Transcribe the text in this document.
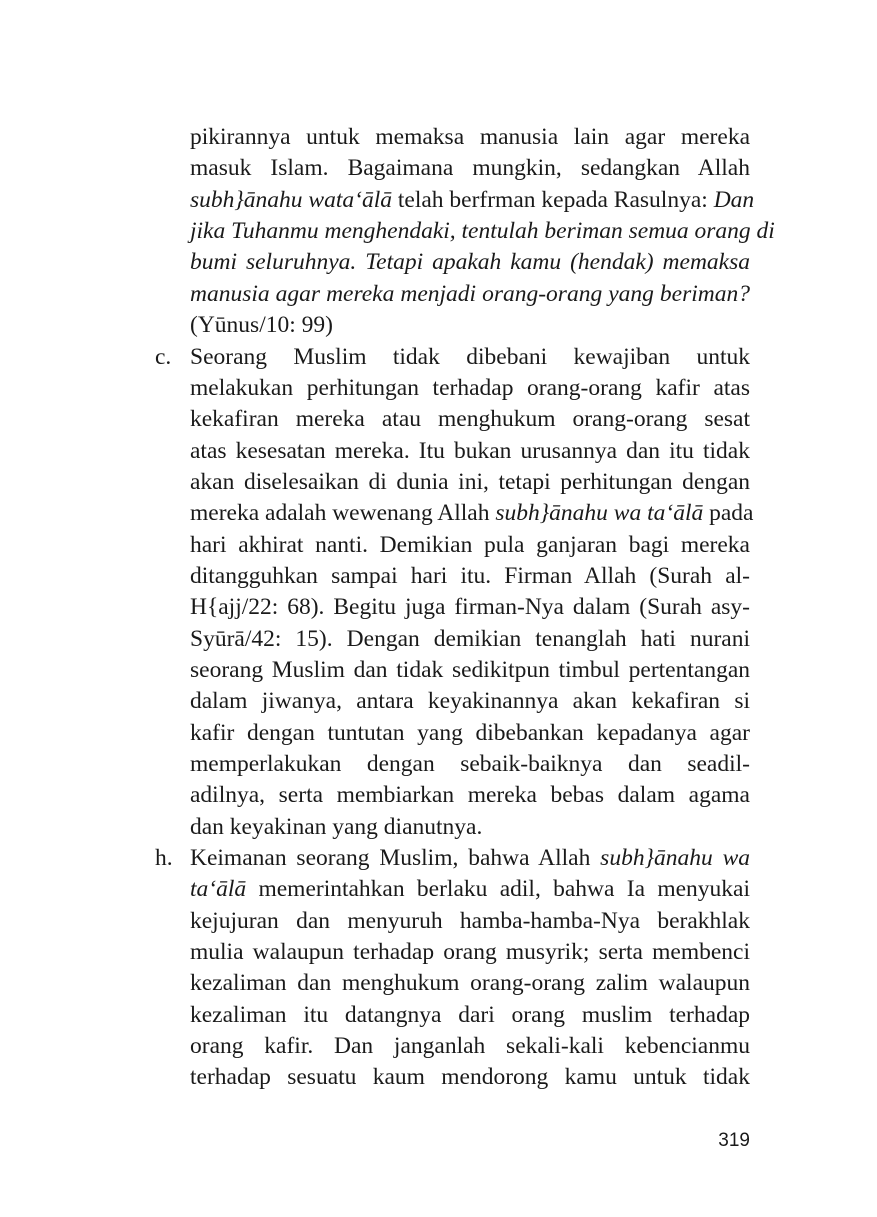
pikirannya untuk memaksa manusia lain agar mereka
masuk Islam. Bagaimana mungkin, sedangkan Allah
subh}ānahu wata‘ālā telah berfrman kepada Rasulnya: Dan
jika Tuhanmu menghendaki, tentulah beriman semua orang di
bumi seluruhnya. Tetapi apakah kamu (hendak) memaksa
manusia agar mereka menjadi orang-orang yang beriman?
(Yūnus/10: 99)
c. Seorang Muslim tidak dibebani kewajiban untuk
melakukan perhitungan terhadap orang-orang kafir atas
kekafiran mereka atau menghukum orang-orang sesat
atas kesesatan mereka. Itu bukan urusannya dan itu tidak
akan diselesaikan di dunia ini, tetapi perhitungan dengan
mereka adalah wewenang Allah subh}ānahu wa ta‘ālā pada
hari akhirat nanti. Demikian pula ganjaran bagi mereka
ditangguhkan sampai hari itu. Firman Allah (Surah al-
H{ajj/22: 68). Begitu juga firman-Nya dalam (Surah asy-
Syūrā/42: 15). Dengan demikian tenanglah hati nurani
seorang Muslim dan tidak sedikitpun timbul pertentangan
dalam jiwanya, antara keyakinannya akan kekafiran si
kafir dengan tuntutan yang dibebankan kepadanya agar
memperlakukan dengan sebaik-baiknya dan seadil-
adilnya, serta membiarkan mereka bebas dalam agama
dan keyakinan yang dianutnya.
h. Keimanan seorang Muslim, bahwa Allah subh}ānahu wa
ta‘ālā memerintahkan berlaku adil, bahwa Ia menyukai
kejujuran dan menyuruh hamba-hamba-Nya berakhlak
mulia walaupun terhadap orang musyrik; serta membenci
kezaliman dan menghukum orang-orang zalim walaupun
kezaliman itu datangnya dari orang muslim terhadap
orang kafir. Dan janganlah sekali-kali kebencianmu
terhadap sesuatu kaum mendorong kamu untuk tidak
319
